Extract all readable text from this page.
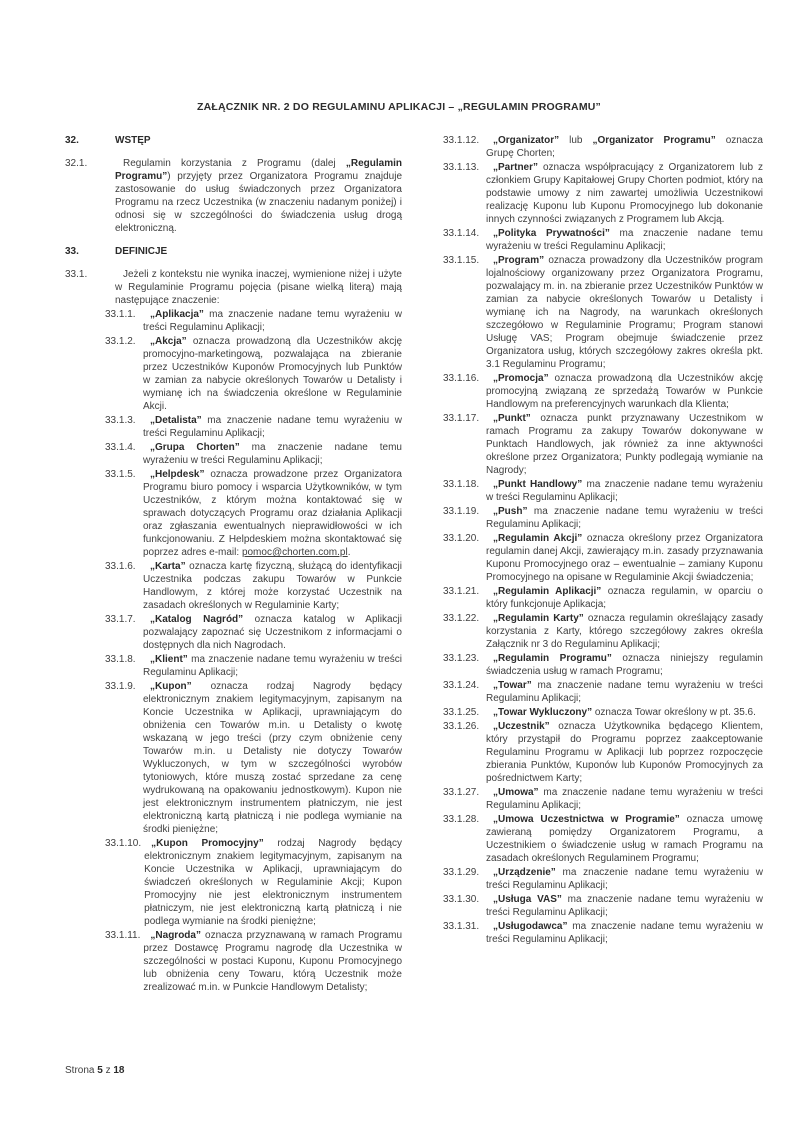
ZAŁĄCZNIK NR. 2 DO REGULAMINU APLIKACJI – „REGULAMIN PROGRAMU”
32.	WSTĘP
32.1.	Regulamin korzystania z Programu (dalej „Regulamin Programu”) przyjęty przez Organizatora Programu znajduje zastosowanie do usług świadczonych przez Organizatora Programu na rzecz Uczestnika (w znaczeniu nadanym poniżej) i odnosi się w szczególności do świadczenia usług drogą elektroniczną.
33.	DEFINICJE
33.1.	Jeżeli z kontekstu nie wynika inaczej, wymienione niżej i użyte w Regulaminie Programu pojęcia (pisane wielką literą) mają następujące znaczenie:
33.1.1.	„Aplikacja” ma znaczenie nadane temu wyrażeniu w treści Regulaminu Aplikacji;
33.1.2.	„Akcja” oznacza prowadzoną dla Uczestników akcję promocyjno-marketingową, pozwalająca na zbieranie przez Uczestników Kuponów Promocyjnych lub Punktów w zamian za nabycie określonych Towarów u Detalisty i wymianę ich na świadczenia określone w Regulaminie Akcji.
33.1.3.	„Detalista” ma znaczenie nadane temu wyrażeniu w treści Regulaminu Aplikacji;
33.1.4.	„Grupa Chorten” ma znaczenie nadane temu wyrażeniu w treści Regulaminu Aplikacji;
33.1.5.	„Helpdesk” oznacza prowadzone przez Organizatora Programu biuro pomocy i wsparcia Użytkowników, w tym Uczestników, z którym można kontaktować się w sprawach dotyczących Programu oraz działania Aplikacji oraz zgłaszania ewentualnych nieprawidłowości w ich funkcjonowaniu. Z Helpdeskiem można skontaktować się poprzez adres e-mail: pomoc@chorten.com.pl.
33.1.6.	„Karta” oznacza kartę fizyczną, służącą do identyfikacji Uczestnika podczas zakupu Towarów w Punkcie Handlowym, z której może korzystać Uczestnik na zasadach określonych w Regulaminie Karty;
33.1.7.	„Katalog Nagród” oznacza katalog w Aplikacji pozwalający zapoznać się Uczestnikom z informacjami o dostępnych dla nich Nagrodach.
33.1.8.	„Klient” ma znaczenie nadane temu wyrażeniu w treści Regulaminu Aplikacji;
33.1.9.	„Kupon” oznacza rodzaj Nagrody będący elektronicznym znakiem legitymacyjnym, zapisanym na Koncie Uczestnika w Aplikacji, uprawniającym do obniżenia cen Towarów m.in. u Detalisty o kwotę wskazaną w jego treści (przy czym obniżenie ceny Towarów m.in. u Detalisty nie dotyczy Towarów Wykluczonych, w tym w szczególności wyrobów tytoniowych, które muszą zostać sprzedane za cenę wydrukowaną na opakowaniu jednostkowym). Kupon nie jest elektronicznym instrumentem płatniczym, nie jest elektroniczną kartą płatniczą i nie podlega wymianie na środki pieniężne;
33.1.10.	„Kupon Promocyjny” rodzaj Nagrody będący elektronicznym znakiem legitymacyjnym, zapisanym na Koncie Uczestnika w Aplikacji, uprawniającym do świadczeń określonych w Regulaminie Akcji; Kupon Promocyjny nie jest elektronicznym instrumentem płatniczym, nie jest elektroniczną kartą płatniczą i nie podlega wymianie na środki pieniężne;
33.1.11.	„Nagroda” oznacza przyznawaną w ramach Programu przez Dostawcę Programu nagrodę dla Uczestnika w szczególności w postaci Kuponu, Kuponu Promocyjnego lub obniżenia ceny Towaru, którą Uczestnik może zrealizować m.in. w Punkcie Handlowym Detalisty;
33.1.12.	„Organizator” lub „Organizator Programu” oznacza Grupę Chorten;
33.1.13.	„Partner” oznacza współpracujący z Organizatorem lub z członkiem Grupy Kapitałowej Grupy Chorten podmiot, który na podstawie umowy z nim zawartej umożliwia Uczestnikowi realizację Kuponu lub Kuponu Promocyjnego lub dokonanie innych czynności związanych z Programem lub Akcją.
33.1.14.	„Polityka Prywatności” ma znaczenie nadane temu wyrażeniu w treści Regulaminu Aplikacji;
33.1.15.	„Program” oznacza prowadzony dla Uczestników program lojalnościowy organizowany przez Organizatora Programu, pozwalający m. in. na zbieranie przez Uczestników Punktów w zamian za nabycie określonych Towarów u Detalisty i wymianę ich na Nagrody, na warunkach określonych szczegółowo w Regulaminie Programu; Program stanowi Usługę VAS; Program obejmuje świadczenie przez Organizatora usług, których szczegółowy zakres określa pkt. 3.1 Regulaminu Programu;
33.1.16.	„Promocja” oznacza prowadzoną dla Uczestników akcję promocyjną związaną ze sprzedażą Towarów w Punkcie Handlowym na preferencyjnych warunkach dla Klienta;
33.1.17.	„Punkt” oznacza punkt przyznawany Uczestnikom w ramach Programu za zakupy Towarów dokonywane w Punktach Handlowych, jak również za inne aktywności określone przez Organizatora; Punkty podlegają wymianie na Nagrody;
33.1.18.	„Punkt Handlowy” ma znaczenie nadane temu wyrażeniu w treści Regulaminu Aplikacji;
33.1.19.	„Push” ma znaczenie nadane temu wyrażeniu w treści Regulaminu Aplikacji;
33.1.20.	„Regulamin Akcji” oznacza określony przez Organizatora regulamin danej Akcji, zawierający m.in. zasady przyznawania Kuponu Promocyjnego oraz – ewentualnie – zamiany Kuponu Promocyjnego na opisane w Regulaminie Akcji świadczenia;
33.1.21.	„Regulamin Aplikacji” oznacza regulamin, w oparciu o który funkcjonuje Aplikacja;
33.1.22.	„Regulamin Karty” oznacza regulamin określający zasady korzystania z Karty, którego szczegółowy zakres określa Załącznik nr 3 do Regulaminu Aplikacji;
33.1.23.	„Regulamin Programu” oznacza niniejszy regulamin świadczenia usług w ramach Programu;
33.1.24.	„Towar” ma znaczenie nadane temu wyrażeniu w treści Regulaminu Aplikacji;
33.1.25.	„Towar Wykluczony” oznacza Towar określony w pt. 35.6.
33.1.26.	„Uczestnik” oznacza Użytkownika będącego Klientem, który przystąpił do Programu poprzez zaakceptowanie Regulaminu Programu w Aplikacji lub poprzez rozpoczęcie zbierania Punktów, Kuponów lub Kuponów Promocyjnych za pośrednictwem Karty;
33.1.27.	„Umowa” ma znaczenie nadane temu wyrażeniu w treści Regulaminu Aplikacji;
33.1.28.	„Umowa Uczestnictwa w Programie” oznacza umowę zawieraną pomiędzy Organizatorem Programu, a Uczestnikiem o świadczenie usług w ramach Programu na zasadach określonych Regulaminem Programu;
33.1.29.	„Urządzenie” ma znaczenie nadane temu wyrażeniu w treści Regulaminu Aplikacji;
33.1.30.	„Usługa VAS” ma znaczenie nadane temu wyrażeniu w treści Regulaminu Aplikacji;
33.1.31.	„Usługodawca” ma znaczenie nadane temu wyrażeniu w treści Regulaminu Aplikacji;
Strona 5 z 18
